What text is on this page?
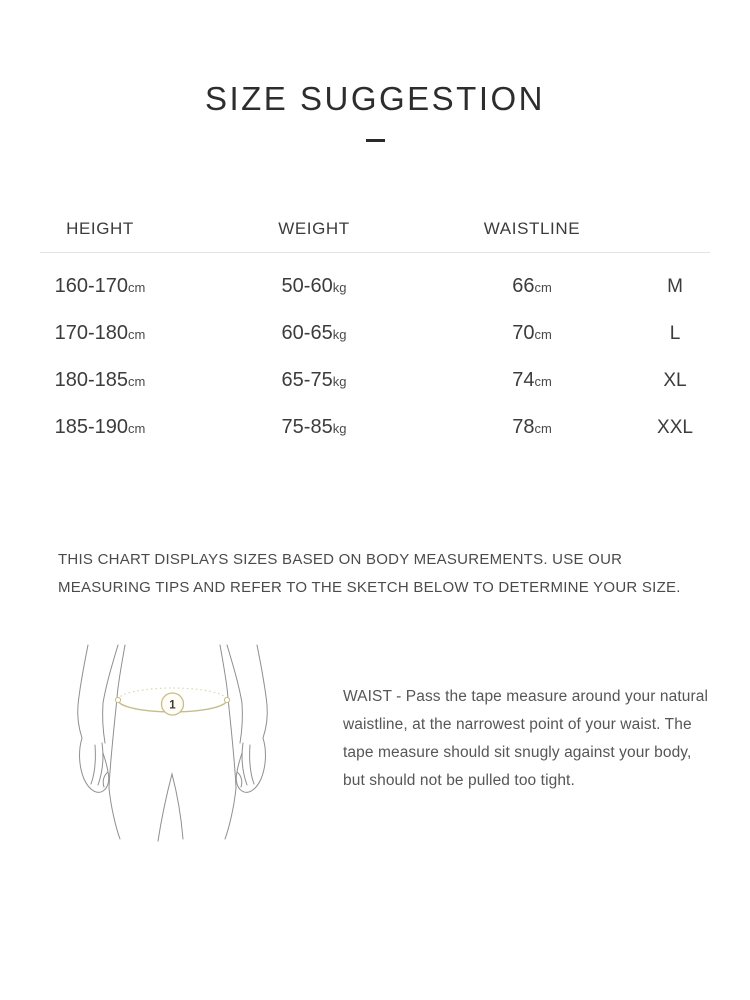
SIZE SUGGESTION
HEIGHT	WEIGHT	WAISTLINE
160-170cm	50-60kg	66cm	M
170-180cm	60-65kg	70cm	L
180-185cm	65-75kg	74cm	XL
185-190cm	75-85kg	78cm	XXL

THIS CHART DISPLAYS SIZES BASED ON BODY MEASUREMENTS. USE OUR MEASURING TIPS AND REFER TO THE SKETCH BELOW TO DETERMINE YOUR SIZE.

1

WAIST - Pass the tape measure around your natural waistline, at the narrowest point of your waist. The tape measure should sit snugly against your body, but should not be pulled too tight.
